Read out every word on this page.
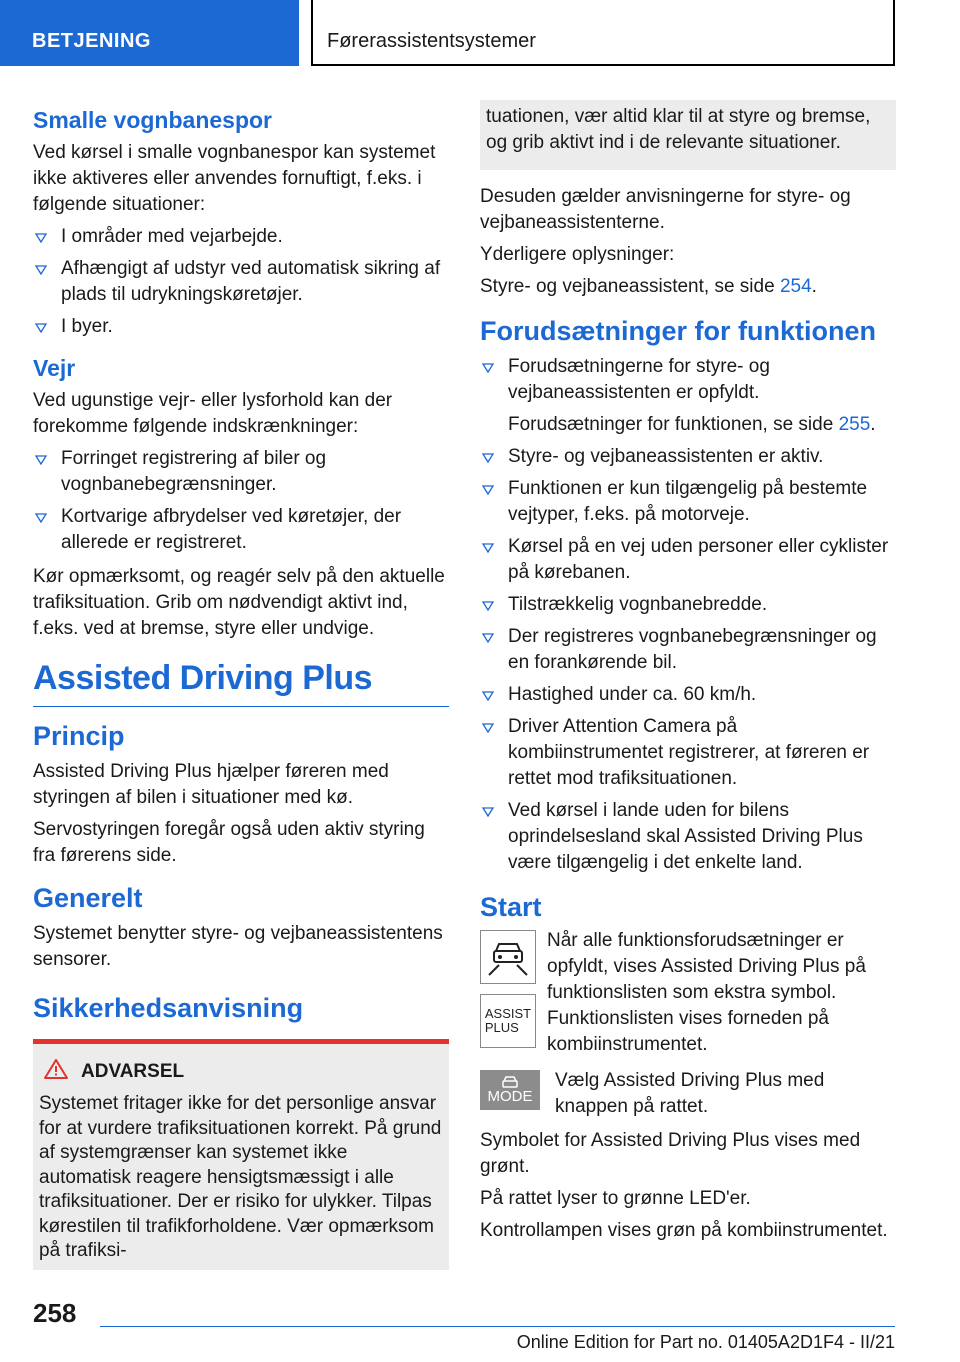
BETJENING	Førerassistentsystemer
Smalle vognbanespor

Ved kørsel i smalle vognbanespor kan systemet ikke aktiveres eller anvendes fornuftigt, f.eks. i følgende situationer:

I områder med vejarbejde.
Afhængigt af udstyr ved automatisk sikring af plads til udrykningskøretøjer.
I byer.
Vejr

Ved ugunstige vejr- eller lysforhold kan der forekomme følgende indskrænkninger:

Forringet registrering af biler og vognbanebegrænsninger.
Kortvarige afbrydelser ved køretøjer, der allerede er registreret.

Kør opmærksomt, og reagér selv på den aktuelle trafiksituation. Grib om nødvendigt aktivt ind, f.eks. ved at bremse, styre eller undvige.

Assisted Driving Plus
Princip

Assisted Driving Plus hjælper føreren med styringen af bilen i situationer med kø.

Servostyringen foregår også uden aktiv styring fra førerens side.

Generelt

Systemet benytter styre- og vejbaneassistentens sensorer.

Sikkerhedsanvisning
ADVARSEL

Systemet fritager ikke for det personlige ansvar for at vurdere trafiksituationen korrekt. På grund af systemgrænser kan systemet ikke automatisk reagere hensigtsmæssigt i alle trafiksituationer. Der er risiko for ulykker. Tilpas kørestilen til trafikforholdene. Vær opmærksom på trafiksi-

tuationen, vær altid klar til at styre og bremse, og grib aktivt ind i de relevante situationer.

Desuden gælder anvisningerne for styre- og vejbaneassistenterne.

Yderligere oplysninger:

Styre- og vejbaneassistent, se side 254.

Forudsætninger for funktionen
Forudsætningerne for styre- og vejbaneassistenten er opfyldt.
Forudsætninger for funktionen, se side 255.
Styre- og vejbaneassistenten er aktiv.
Funktionen er kun tilgængelig på bestemte vejtyper, f.eks. på motorveje.
Kørsel på en vej uden personer eller cyklister på kørebanen.
Tilstrækkelig vognbanebredde.
Der registreres vognbanebegrænsninger og en forankørende bil.
Hastighed under ca. 60 km/h.
Driver Attention Camera på kombiinstrumentet registrerer, at føreren er rettet mod trafiksituationen.
Ved kørsel i lande uden for bilens oprindelsesland skal Assisted Driving Plus være tilgængelig i det enkelte land.
Start
ASSIST
PLUS

Når alle funktionsforudsætninger er opfyldt, vises Assisted Driving Plus på funktionslisten som ekstra symbol. Funktionslisten vises forneden på kombiinstrumentet.

MODE

Vælg Assisted Driving Plus med knappen på rattet.

Symbolet for Assisted Driving Plus vises med grønt.

På rattet lyser to grønne LED'er.

Kontrollampen vises grøn på kombiinstrumentet.

258
Online Edition for Part no. 01405A2D1F4 - II/21
